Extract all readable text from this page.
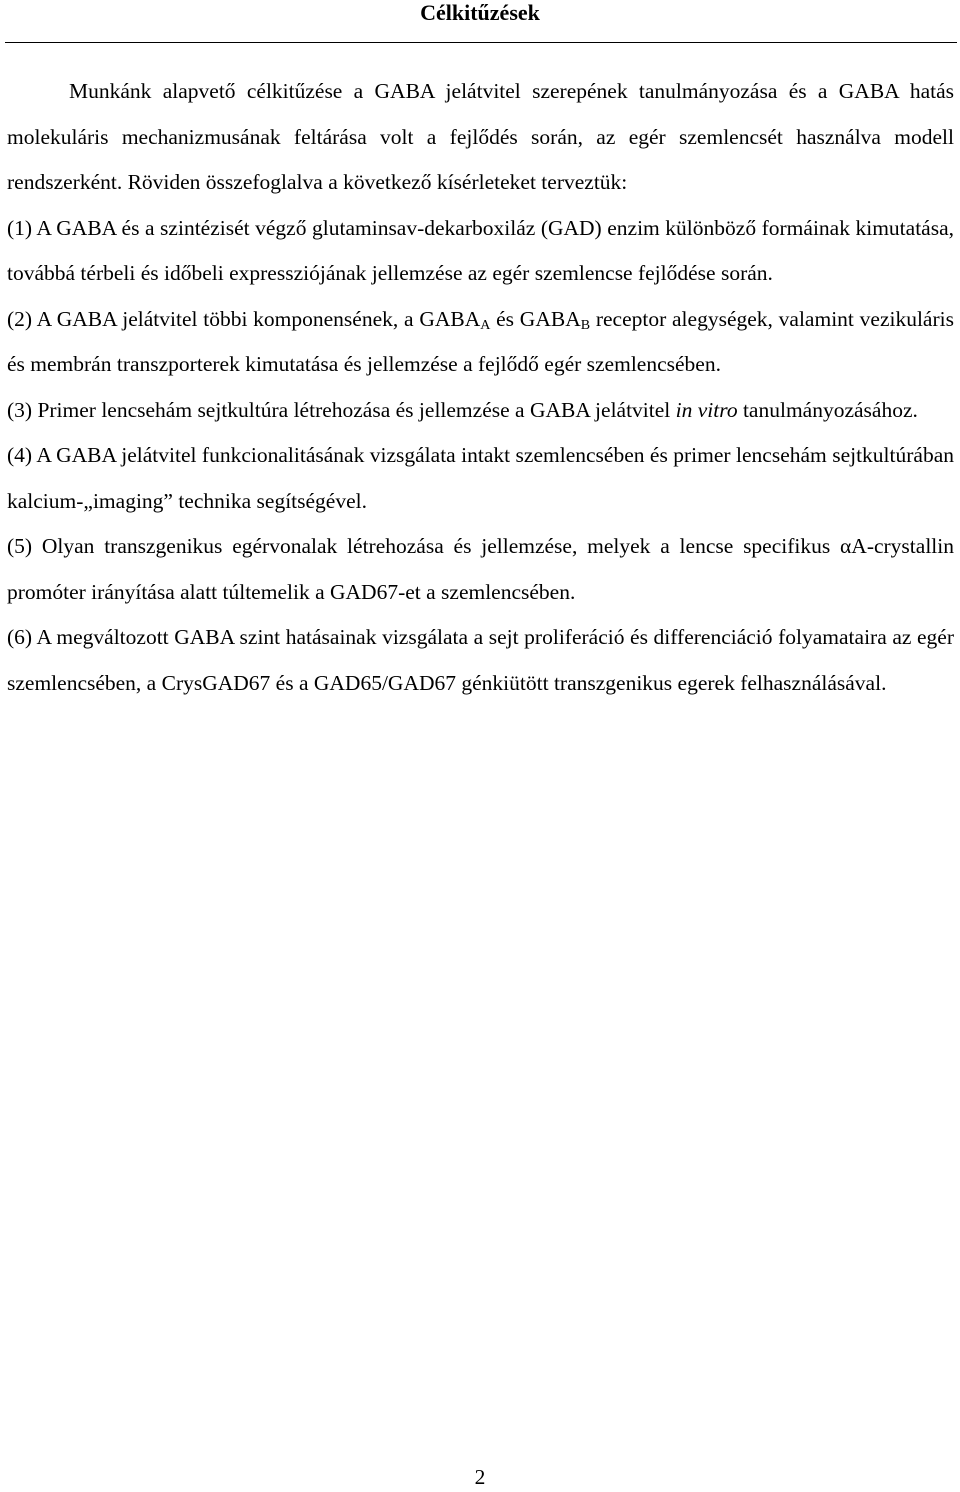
Célkitűzések

Munkánk alapvető célkitűzése a GABA jelátvitel szerepének tanulmányozása és a GABA hatás molekuláris mechanizmusának feltárása volt a fejlődés során, az egér szemlencsét használva modell rendszerként. Röviden összefoglalva a következő kísérleteket terveztük:

(1) A GABA és a szintézisét végző glutaminsav-dekarboxiláz (GAD) enzim különböző formáinak kimutatása, továbbá térbeli és időbeli expressziójának jellemzése az egér szemlencse fejlődése során.

(2) A GABA jelátvitel többi komponensének, a $GABA_A$ és $GABA_B$ receptor alegységek, valamint vezikuláris és membrán transzporterek kimutatása és jellemzése a fejlődő egér szemlencsében.

(3) Primer lencsehám sejtkultúra létrehozása és jellemzése a GABA jelátvitel in vitro tanulmányozásához.

(4) A GABA jelátvitel funkcionalitásának vizsgálata intakt szemlencsében és primer lencsehám sejtkultúrában kalcium-„imaging” technika segítségével.

(5) Olyan transzgenikus egérvonalak létrehozása és jellemzése, melyek a lencse specifikus αA-crystallin promóter irányítása alatt túltemelik a GAD67-et a szemlencsében.

(6) A megváltozott GABA szint hatásainak vizsgálata a sejt proliferáció és differenciáció folyamataira az egér szemlencsében, a CrysGAD67 és a GAD65/GAD67 génkiütött transzgenikus egerek felhasználásával.

2
